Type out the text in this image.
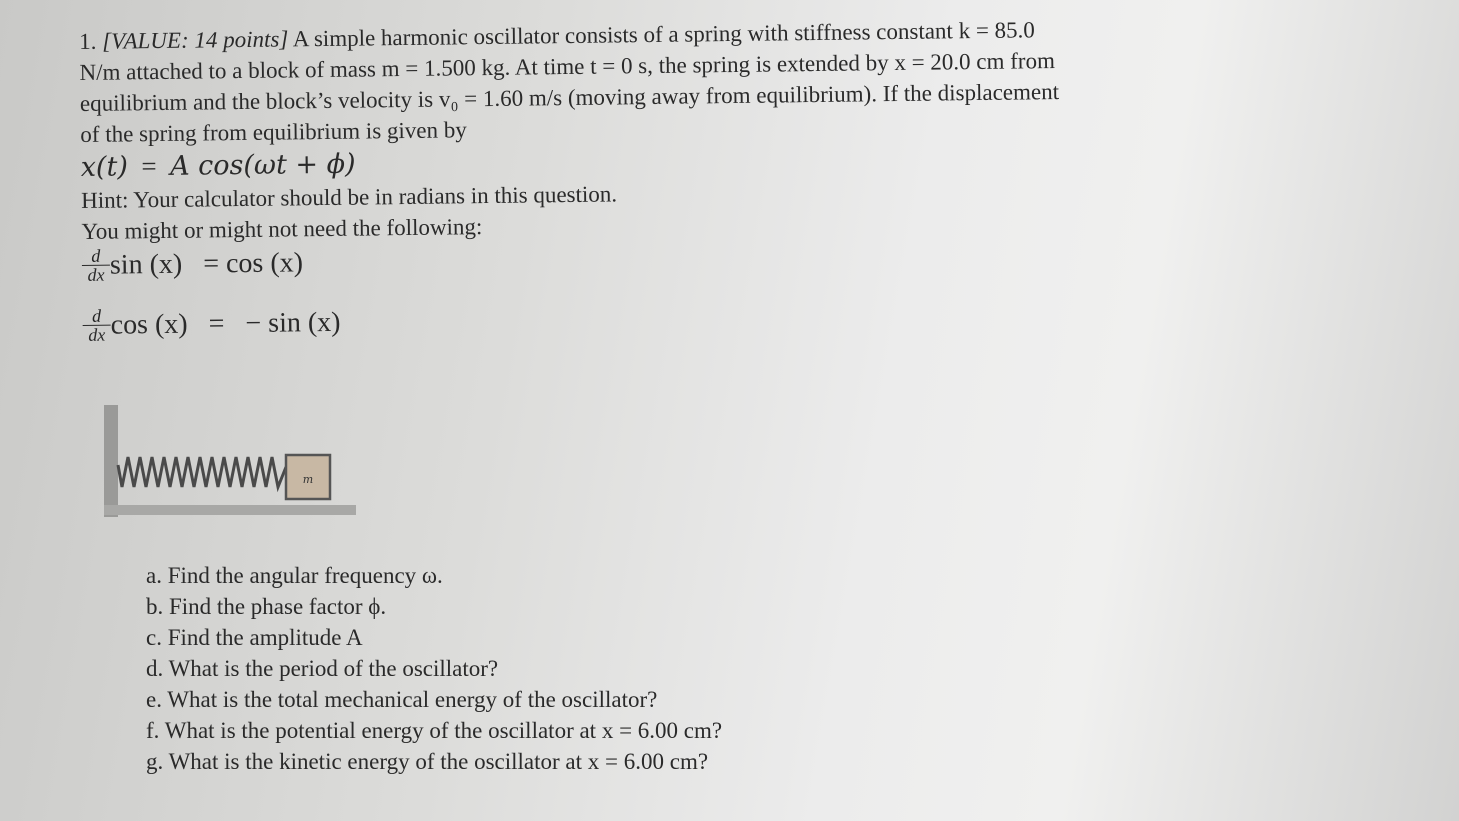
1. [VALUE: 14 points] A simple harmonic oscillator consists of a spring with stiffness constant k = 85.0

N/m attached to a block of mass m = 1.500 kg. At time t = 0 s, the spring is extended by x = 20.0 cm from

equilibrium and the block’s velocity is v₀ = 1.60 m/s (moving away from equilibrium). If the displacement

of the spring from equilibrium is given by

x(t) = A cos(ωt + ϕ)

Hint: Your calculator should be in radians in this question.

You might or might not need the following:

$\frac{d}{dx}$ sin (x)   = cos (x)
$\frac{d}{dx}$ cos (x)   =   − sin (x)
m
a. Find the angular frequency ω.
b. Find the phase factor ϕ.
c. Find the amplitude A
d. What is the period of the oscillator?
e. What is the total mechanical energy of the oscillator?
f. What is the potential energy of the oscillator at x = 6.00 cm?
g. What is the kinetic energy of the oscillator at x = 6.00 cm?
